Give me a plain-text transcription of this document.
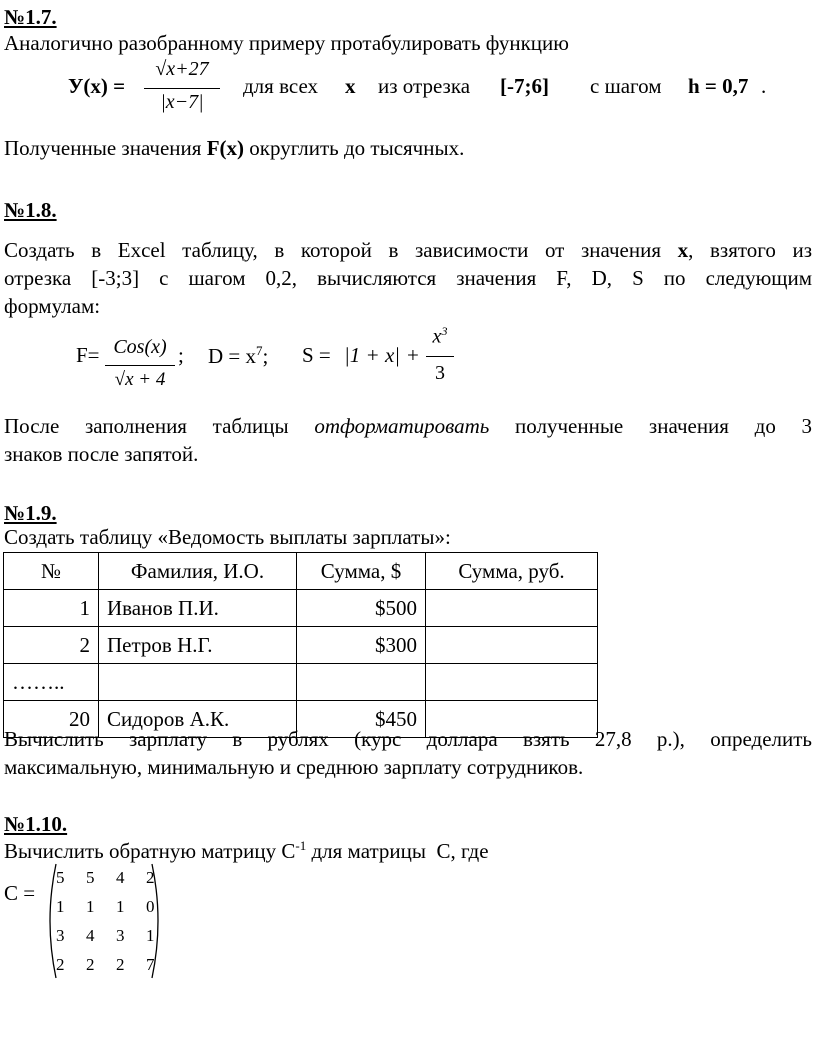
№1.7.
Аналогично разобранному примеру протабулировать функцию
У(x) =
√x+27
|x−7|
для всех x из отрезка [-7;6] с шагом h = 0,7 .
Полученные значения F(x) округлить до тысячных.
№1.8.
Создать в Excel таблицу, в которой в зависимости от значения x, взятого из
отрезка [-3;3] с шагом 0,2, вычисляются значения F, D, S по следующим
формулам:
F= Cos(x)
√x + 4
; $D = x^7$; S = |1 + x| +
$x^3$
3
После заполнения таблицы отформатировать полученные значения до 3
знаков после запятой.
№1.9.
Создать таблицу «Ведомость выплаты зарплаты»:
№	Фамилия, И.О.	Сумма, $	Сумма, руб.
1	Иванов П.И.	$500	
2	Петров Н.Г.	$300	
……..			
20	Сидоров А.К.	$450	
Вычислить зарплату в рублях (курс доллара взять 27,8 р.), определить
максимальную, минимальную и среднюю зарплату сотрудников.
№1.10.
Вычислить обратную матрицу $С^{-1}$ для матрицы  С, где
С =
5 5 4 2
1 1 1 0
3 4 3 1
2 2 2 7
